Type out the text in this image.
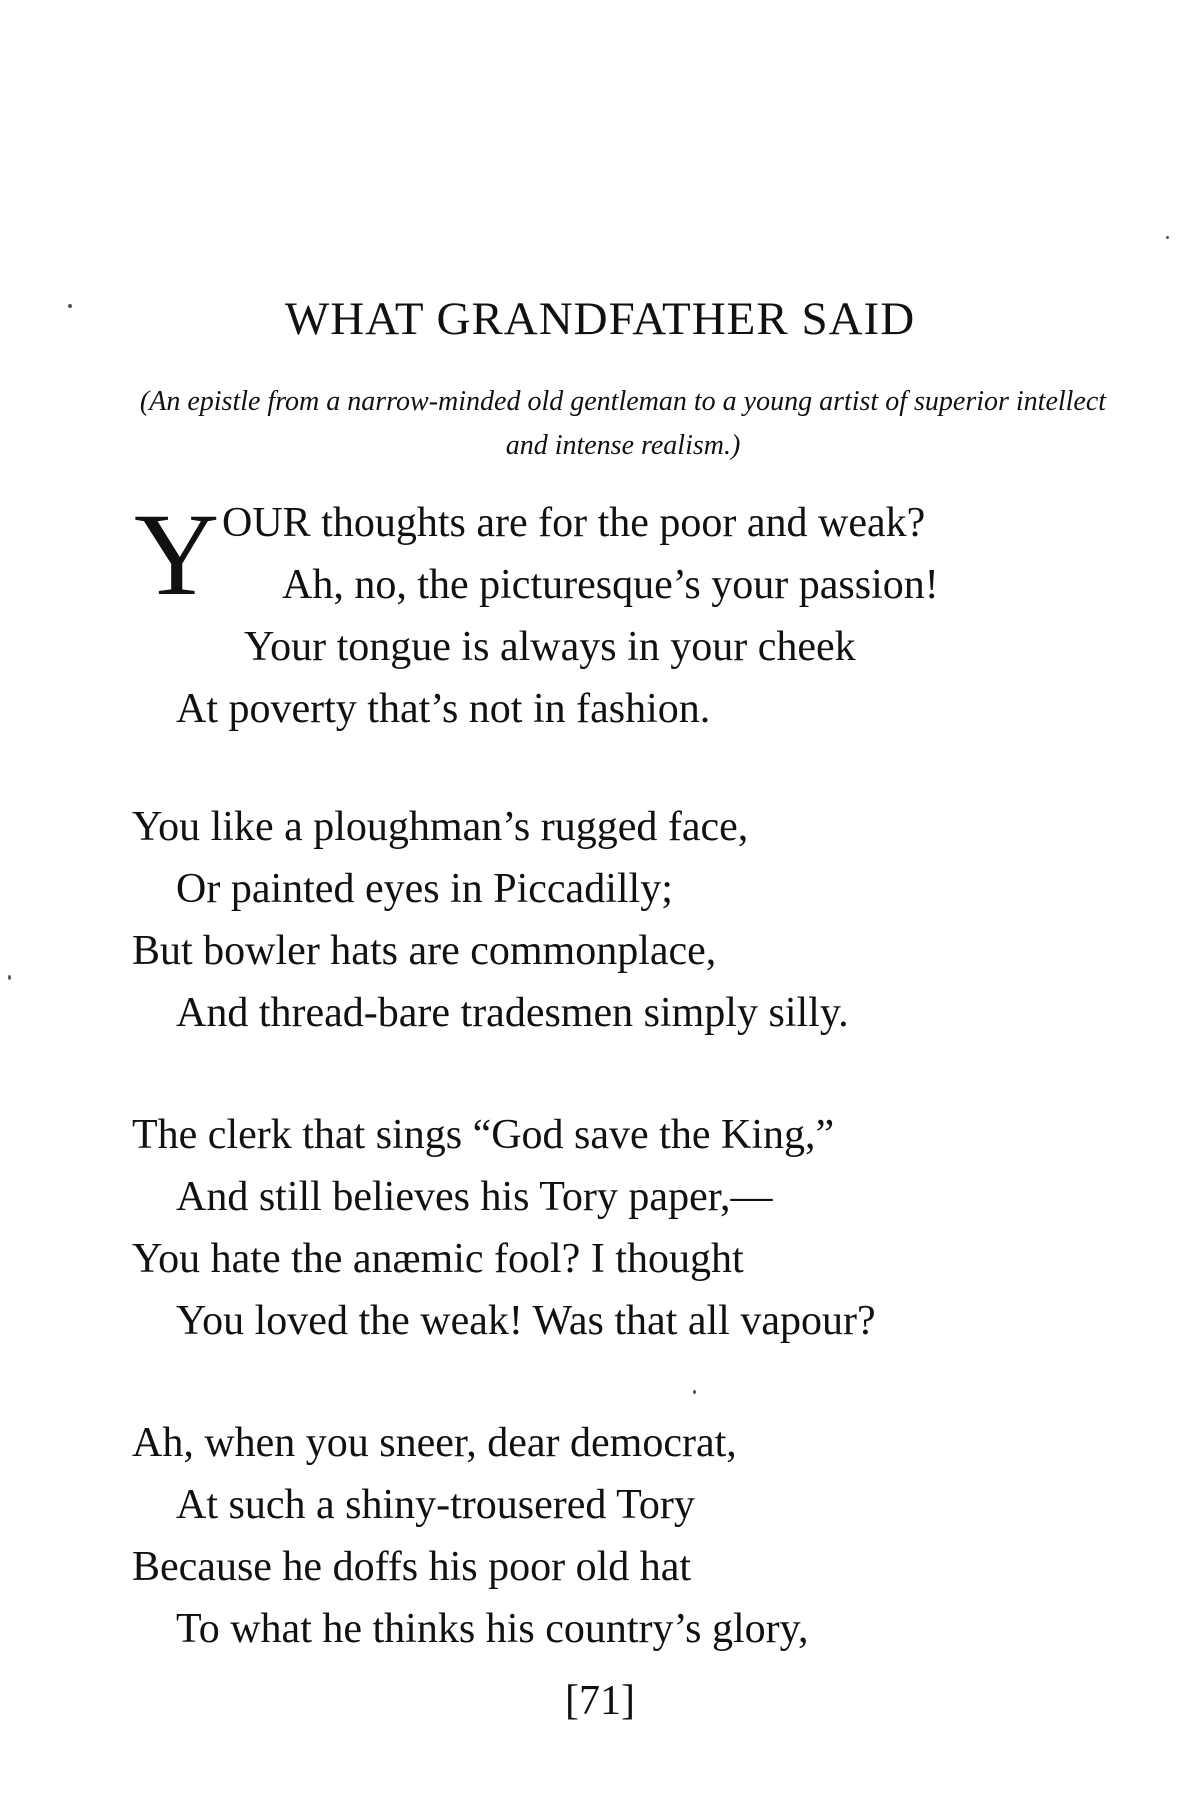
WHAT GRANDFATHER SAID

(An epistle from a narrow-minded old gentleman to a young artist of superior intellect and intense realism.)

Y OUR thoughts are for the poor and weak?
Ah, no, the picturesque’s your passion!
Your tongue is always in your cheek
At poverty that’s not in fashion.
You like a ploughman’s rugged face,
Or painted eyes in Piccadilly;
But bowler hats are commonplace,
And thread-bare tradesmen simply silly.
The clerk that sings “God save the King,”
And still believes his Tory paper,—
You hate the anæmic fool? I thought
You loved the weak! Was that all vapour?
Ah, when you sneer, dear democrat,
At such a shiny-trousered Tory
Because he doffs his poor old hat
To what he thinks his country’s glory,
[71]
